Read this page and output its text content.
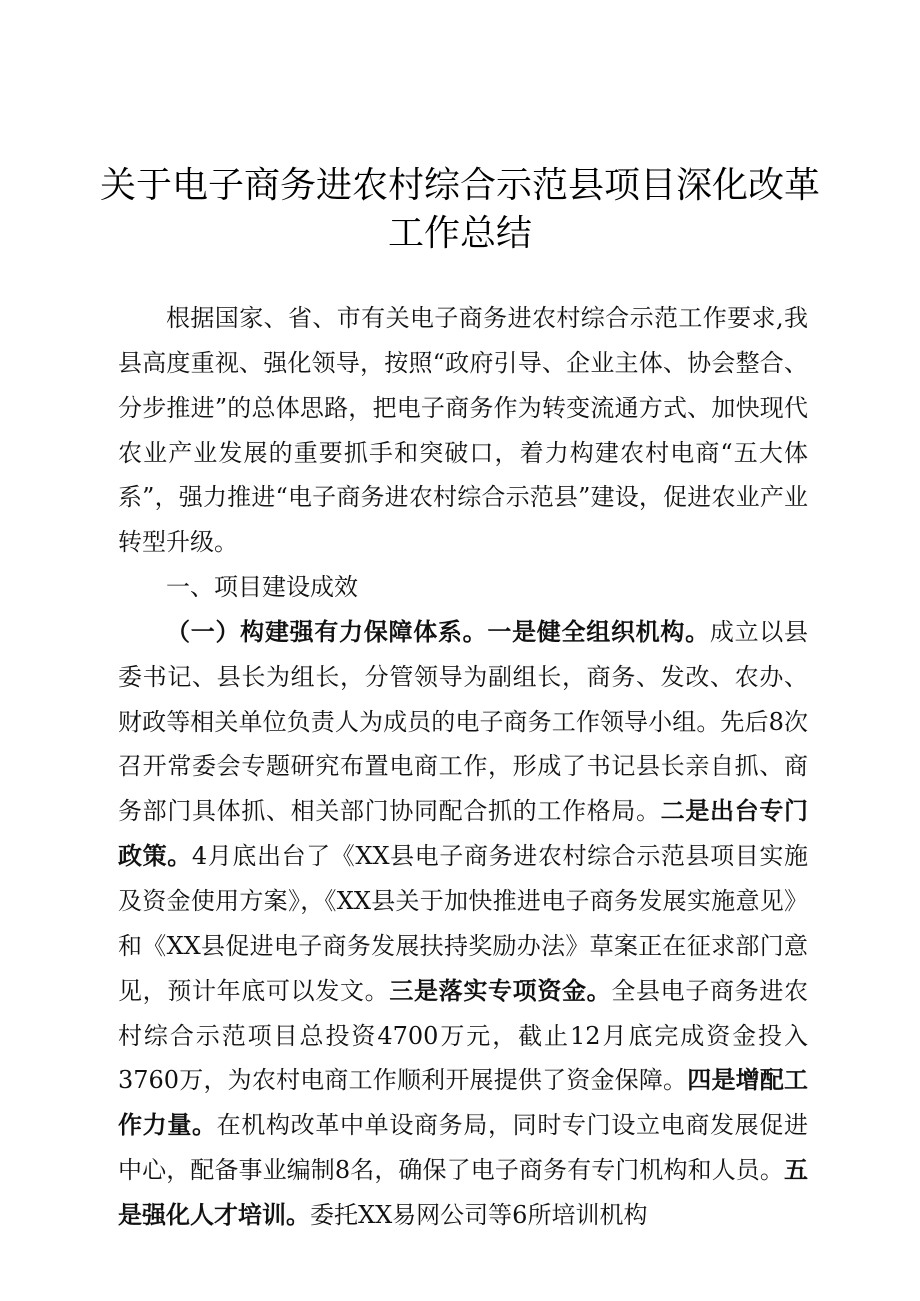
关于电子商务进农村综合示范县项目深化改革
工作总结

根据国家、省、市有关电子商务进农村综合示范工作要求,我县高度重视、强化领导，按照“政府引导、企业主体、协会整合、分步推进”的总体思路，把电子商务作为转变流通方式、加快现代农业产业发展的重要抓手和突破口，着力构建农村电商“五大体系”，强力推进“电子商务进农村综合示范县”建设，促进农业产业转型升级。

一、项目建设成效

（一）构建强有力保障体系。一是健全组织机构。成立以县委书记、县长为组长，分管领导为副组长，商务、发改、农办、财政等相关单位负责人为成员的电子商务工作领导小组。先后8次召开常委会专题研究布置电商工作，形成了书记县长亲自抓、商务部门具体抓、相关部门协同配合抓的工作格局。二是出台专门政策。4月底出台了《XX县电子商务进农村综合示范县项目实施及资金使用方案》，《XX县关于加快推进电子商务发展实施意见》和《XX县促进电子商务发展扶持奖励办法》草案正在征求部门意见，预计年底可以发文。三是落实专项资金。全县电子商务进农村综合示范项目总投资4700万元，截止12月底完成资金投入3760万，为农村电商工作顺利开展提供了资金保障。四是增配工作力量。在机构改革中单设商务局，同时专门设立电商发展促进中心，配备事业编制8名，确保了电子商务有专门机构和人员。五是强化人才培训。委托XX易网公司等6所培训机构
